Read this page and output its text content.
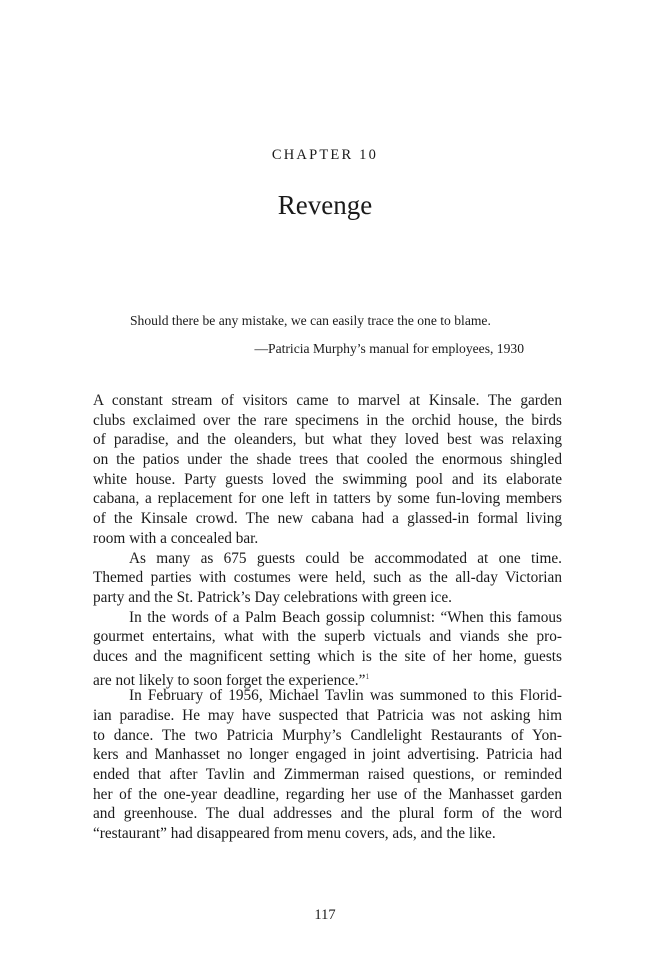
CHAPTER 10
Revenge
Should there be any mistake, we can easily trace the one to blame.
—Patricia Murphy’s manual for employees, 1930
A constant stream of visitors came to marvel at Kinsale. The garden
clubs exclaimed over the rare specimens in the orchid house, the birds
of paradise, and the oleanders, but what they loved best was relaxing
on the patios under the shade trees that cooled the enormous shingled
white house. Party guests loved the swimming pool and its elaborate
cabana, a replacement for one left in tatters by some fun-loving members
of the Kinsale crowd. The new cabana had a glassed-in formal living
room with a concealed bar.
As many as 675 guests could be accommodated at one time.
Themed parties with costumes were held, such as the all-day Victorian
party and the St. Patrick’s Day celebrations with green ice.
In the words of a Palm Beach gossip columnist: “When this famous
gourmet entertains, what with the superb victuals and viands she pro-
duces and the magnificent setting which is the site of her home, guests
are not likely to soon forget the experience.”$^1$
In February of 1956, Michael Tavlin was summoned to this Florid-
ian paradise. He may have suspected that Patricia was not asking him
to dance. The two Patricia Murphy’s Candlelight Restaurants of Yon-
kers and Manhasset no longer engaged in joint advertising. Patricia had
ended that after Tavlin and Zimmerman raised questions, or reminded
her of the one-year deadline, regarding her use of the Manhasset garden
and greenhouse. The dual addresses and the plural form of the word
“restaurant” had disappeared from menu covers, ads, and the like.
117
